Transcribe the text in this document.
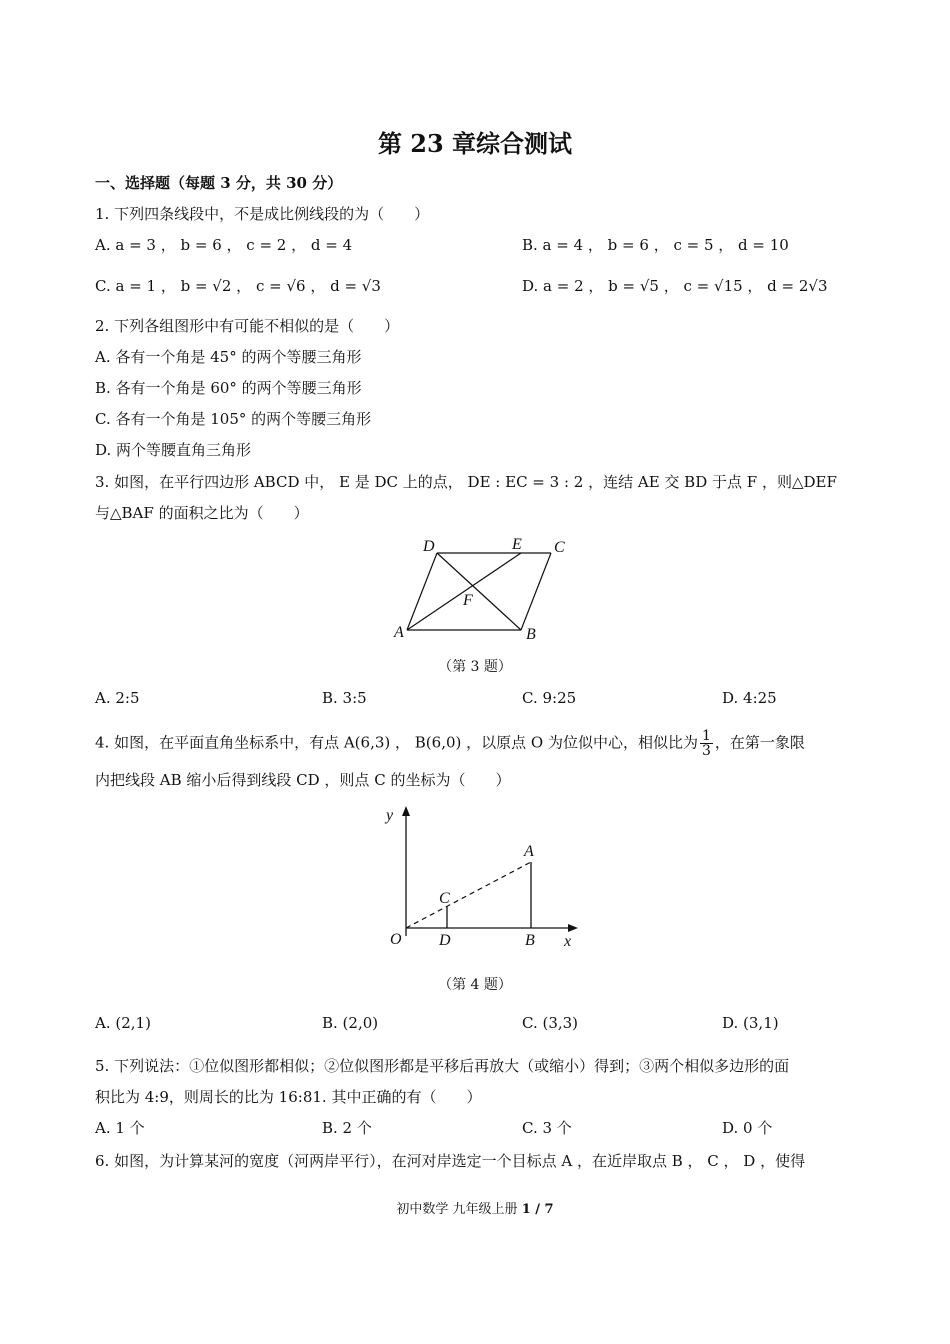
第 23 章综合测试
一、选择题（每题 3 分，共 30 分）
1. 下列四条线段中，不是成比例线段的为（　　）
A. a = 3 ， b = 6 ， c = 2 ， d = 4	B. a = 4 ， b = 6 ， c = 5 ， d = 10
C. a = 1 ， b = √2 ， c = √6 ， d = √3	D. a = 2 ， b = √5 ， c = √15 ， d = 2√3
2. 下列各组图形中有可能不相似的是（　　）
A. 各有一个角是 45° 的两个等腰三角形
B. 各有一个角是 60° 的两个等腰三角形
C. 各有一个角是 105° 的两个等腰三角形
D. 两个等腰直角三角形
3. 如图，在平行四边形 ABCD 中， E 是 DC 上的点， DE : EC = 3 : 2 ，连结 AE 交 BD 于点 F ，则△DEF
与△BAF 的面积之比为（　　）
D	E C
F
A	B
（第 3 题）
A. 2:5	B. 3:5	C. 9:25	D. 4:25
4. 如图，在平面直角坐标系中，有点 A(6,3) ， B(6,0) ，以原点 O 为位似中心，相似比为 $\frac{1}{3}$ ，在第一象限
内把线段 AB 缩小后得到线段 CD ，则点 C 的坐标为（　　）
y
x
O
A
B
C
D
（第 4 题）
A. (2,1)	B. (2,0)	C. (3,3)	D. (3,1)
5. 下列说法：①位似图形都相似；②位似图形都是平移后再放大（或缩小）得到；③两个相似多边形的面
积比为 4:9，则周长的比为 16:81. 其中正确的有（　　）
A. 1 个	B. 2 个	C. 3 个	D. 0 个
6. 如图，为计算某河的宽度（河两岸平行），在河对岸选定一个目标点 A ，在近岸取点 B ， C ， D ，使得
初中数学 九年级上册 1 / 7
